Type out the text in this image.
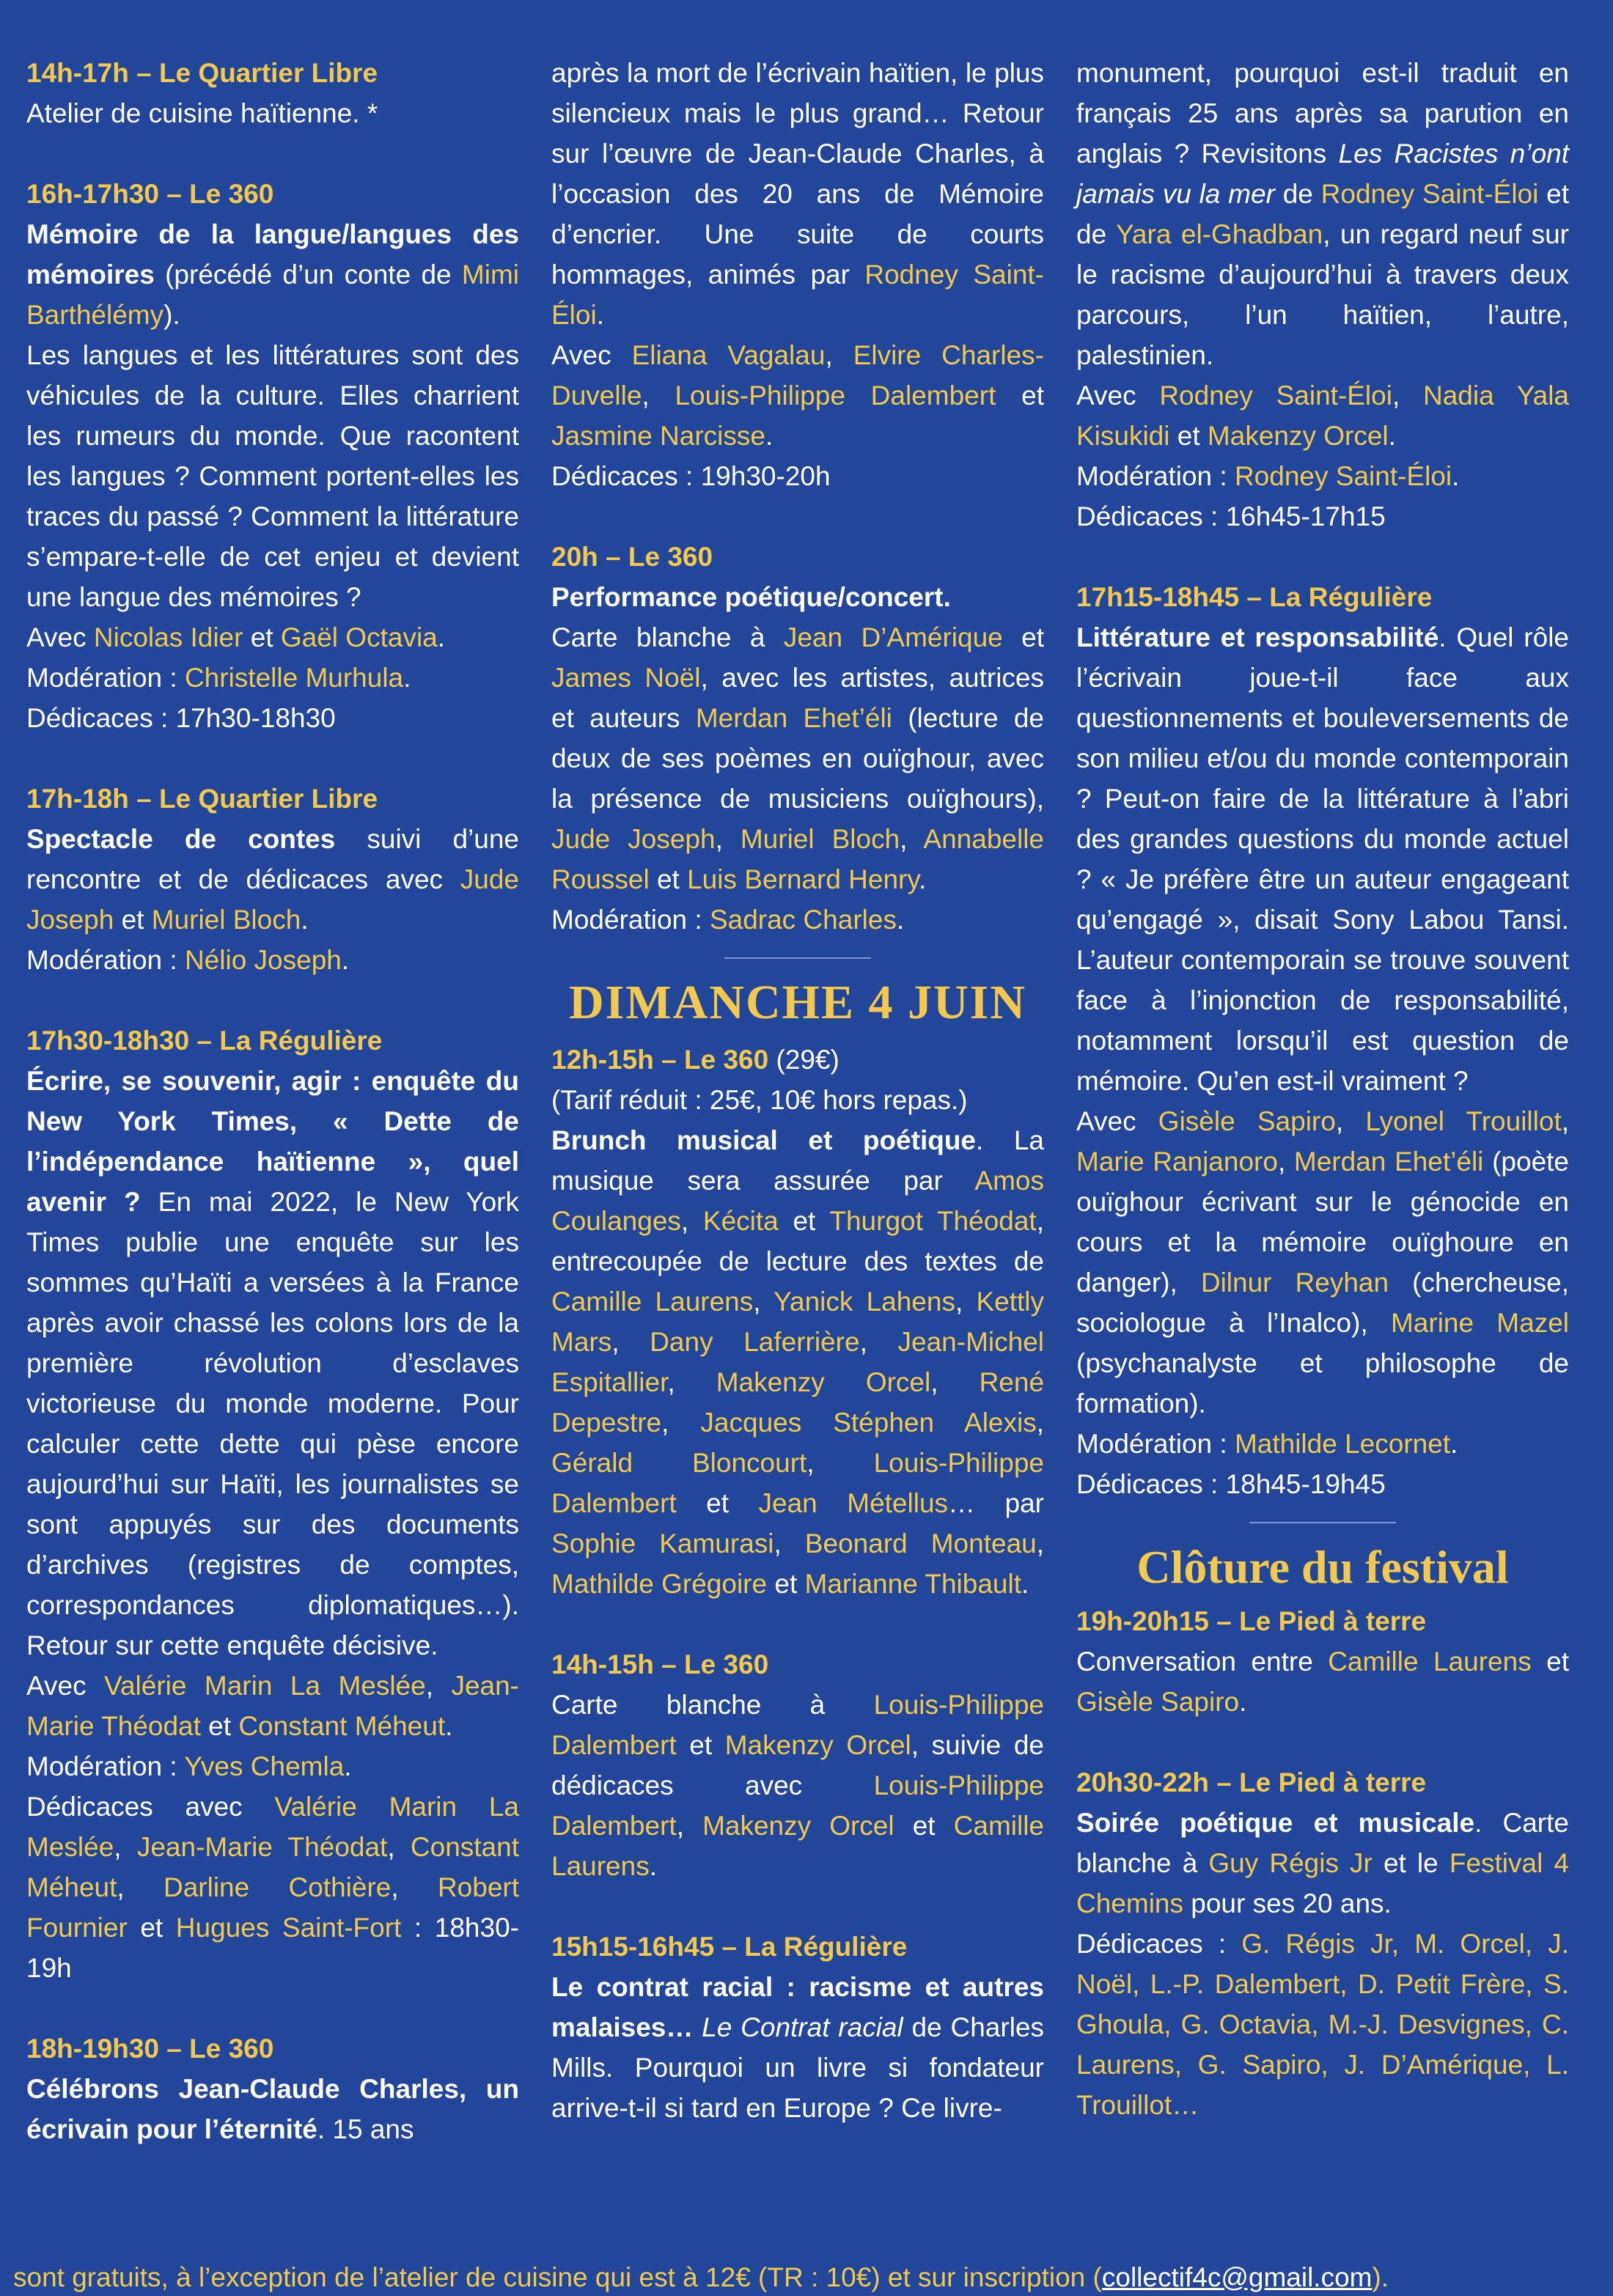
14h-17h – Le Quartier Libre

Atelier de cuisine haïtienne. *

16h-17h30 – Le 360

Mémoire de la langue/langues des mémoires (précédé d’un conte de Mimi Barthélémy).

Les langues et les littératures sont des véhicules de la culture. Elles charrient les rumeurs du monde. Que racontent les langues ? Comment portent-elles les traces du passé ? Comment la littérature s’empare-t-elle de cet enjeu et devient une langue des mémoires ?

Avec Nicolas Idier et Gaël Octavia.

Modération : Christelle Murhula.

Dédicaces : 17h30-18h30

17h-18h – Le Quartier Libre

Spectacle de contes suivi d’une rencontre et de dédicaces avec Jude Joseph et Muriel Bloch.

Modération : Nélio Joseph.

17h30-18h30 – La Régulière

Écrire, se souvenir, agir : enquête du New York Times, « Dette de l’indépendance haïtienne », quel avenir ? En mai 2022, le New York Times publie une enquête sur les sommes qu’Haïti a versées à la France après avoir chassé les colons lors de la première révolution d’esclaves victorieuse du monde moderne. Pour calculer cette dette qui pèse encore aujourd’hui sur Haïti, les journalistes se sont appuyés sur des documents d’archives (registres de comptes, correspondances diplomatiques…). Retour sur cette enquête décisive.

Avec Valérie Marin La Meslée, Jean-Marie Théodat et Constant Méheut.

Modération : Yves Chemla.

Dédicaces avec Valérie Marin La Meslée, Jean-Marie Théodat, Constant Méheut, Darline Cothière, Robert Fournier et Hugues Saint-Fort : 18h30-19h

18h-19h30 – Le 360

Célébrons Jean-Claude Charles, un écrivain pour l’éternité. 15 ans

après la mort de l’écrivain haïtien, le plus silencieux mais le plus grand… Retour sur l’œuvre de Jean-Claude Charles, à l’occasion des 20 ans de Mémoire d’encrier. Une suite de courts hommages, animés par Rodney Saint-Éloi.

Avec Eliana Vagalau, Elvire Charles-Duvelle, Louis-Philippe Dalembert et Jasmine Narcisse.

Dédicaces : 19h30-20h

20h – Le 360

Performance poétique/concert.

Carte blanche à Jean D’Amérique et James Noël, avec les artistes, autrices et auteurs Merdan Ehet’éli (lecture de deux de ses poèmes en ouïghour, avec la présence de musiciens ouïghours), Jude Joseph, Muriel Bloch, Annabelle Roussel et Luis Bernard Henry.

Modération : Sadrac Charles.

DIMANCHE 4 JUIN

12h-15h – Le 360 (29€)

(Tarif réduit : 25€, 10€ hors repas.)

Brunch musical et poétique. La musique sera assurée par Amos Coulanges, Kécita et Thurgot Théodat, entrecoupée de lecture des textes de Camille Laurens, Yanick Lahens, Kettly Mars, Dany Laferrière, Jean-Michel Espitallier, Makenzy Orcel, René Depestre, Jacques Stéphen Alexis, Gérald Bloncourt, Louis-Philippe Dalembert et Jean Métellus… par Sophie Kamurasi, Beonard Monteau, Mathilde Grégoire et Marianne Thibault.

14h-15h – Le 360

Carte blanche à Louis-Philippe Dalembert et Makenzy Orcel, suivie de dédicaces avec Louis-Philippe Dalembert, Makenzy Orcel et Camille Laurens.

15h15-16h45 – La Régulière

Le contrat racial : racisme et autres malaises… Le Contrat racial de Charles Mills. Pourquoi un livre si fondateur arrive-t-il si tard en Europe ? Ce livre-

monument, pourquoi est-il traduit en français 25 ans après sa parution en anglais ? Revisitons Les Racistes n’ont jamais vu la mer de Rodney Saint-Éloi et de Yara el-Ghadban, un regard neuf sur le racisme d’aujourd’hui à travers deux parcours, l’un haïtien, l’autre, palestinien.

Avec Rodney Saint-Éloi, Nadia Yala Kisukidi et Makenzy Orcel.

Modération : Rodney Saint-Éloi.

Dédicaces : 16h45-17h15

17h15-18h45 – La Régulière

Littérature et responsabilité. Quel rôle l’écrivain joue-t-il face aux questionnements et bouleversements de son milieu et/ou du monde contemporain ? Peut-on faire de la littérature à l’abri des grandes questions du monde actuel ? « Je préfère être un auteur engageant qu’engagé », disait Sony Labou Tansi. L’auteur contemporain se trouve souvent face à l’injonction de responsabilité, notamment lorsqu’il est question de mémoire. Qu’en est-il vraiment ?

Avec Gisèle Sapiro, Lyonel Trouillot, Marie Ranjanoro, Merdan Ehet’éli (poète ouïghour écrivant sur le génocide en cours et la mémoire ouïghoure en danger), Dilnur Reyhan (chercheuse, sociologue à l’Inalco), Marine Mazel (psychanalyste et philosophe de formation).

Modération : Mathilde Lecornet.

Dédicaces : 18h45-19h45

Clôture du festival
19h-20h15 – Le Pied à terre

Conversation entre Camille Laurens et Gisèle Sapiro.

20h30-22h – Le Pied à terre

Soirée poétique et musicale. Carte blanche à Guy Régis Jr et le Festival 4 Chemins pour ses 20 ans.

Dédicaces : G. Régis Jr, M. Orcel, J. Noël, L.-P. Dalembert, D. Petit Frère, S. Ghoula, G. Octavia, M.-J. Desvignes, C. Laurens, G. Sapiro, J. D’Amérique, L. Trouillot…

sont gratuits, à l’exception de l’atelier de cuisine qui est à 12€ (TR : 10€) et sur inscription (collectif4c@gmail.com).
